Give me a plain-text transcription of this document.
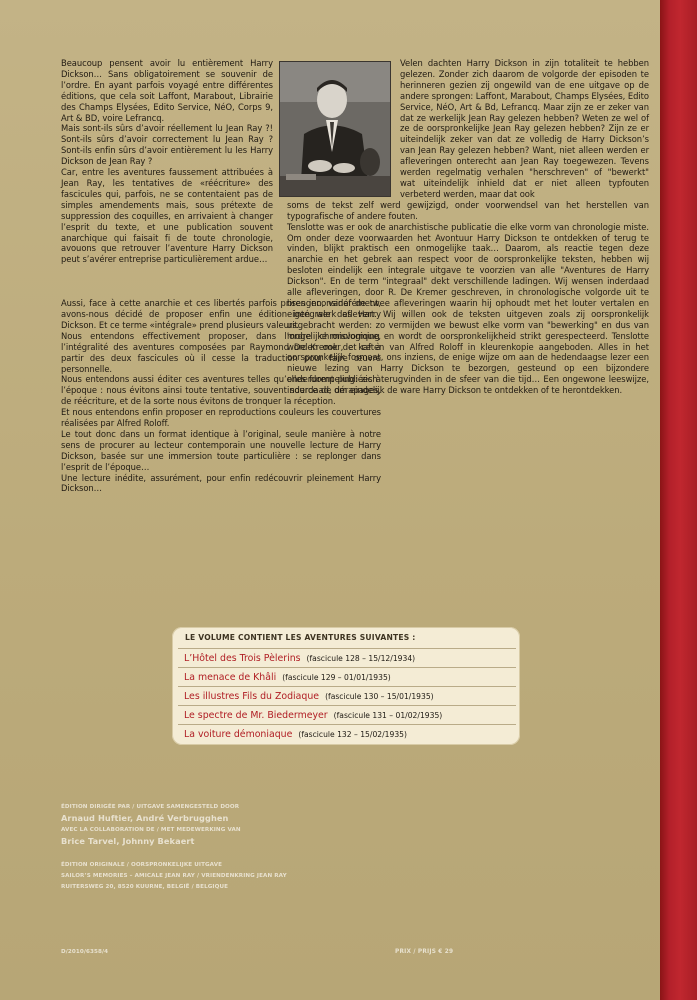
Beaucoup pensent avoir lu entièrement Harry Dickson… Sans obligatoirement se souvenir de l’ordre. En ayant parfois voyagé entre différentes éditions, que cela soit Laffont, Marabout, Librairie des Champs Elysées, Edito Service, NéO, Corps 9, Art & BD, voire Lefrancq.

Mais sont-ils sûrs d’avoir réellement lu Jean Ray ?! Sont-ils sûrs d’avoir correctement lu Jean Ray ? Sont-ils enfin sûrs d’avoir entièrement lu les Harry Dickson de Jean Ray ?

Car, entre les aventures faussement attribuées à Jean Ray, les tentatives de «réécriture» des fascicules qui, parfois, ne se contentaient pas de simples amendements mais, sous prétexte de suppression des coquilles, en arrivaient à changer l’esprit du texte, et une publication souvent anarchique qui faisait fi de toute chronologie, avouons que retrouver l’aventure Harry Dickson peut s’avérer entreprise particulièrement ardue…

Aussi, face à cette anarchie et ces libertés parfois prises inconsidérément, avons-nous décidé de proposer enfin une édition intégrale des Harry Dickson. Et ce terme «intégrale» prend plusieurs valeurs.

Nous entendons effectivement proposer, dans l’ordre chronologique, l’intégralité des aventures composées par Raymond De Kremer, et ce à partir des deux fascicules où il cesse la traduction pour faire œuvre personnelle.

Nous entendons aussi éditer ces aventures telles qu’elles furent publiées à l’époque : nous évitons ainsi toute tentative, souvent source de dérapages, de réécriture, et de la sorte nous évitons de tronquer la réception.

Et nous entendons enfin proposer en reproductions couleurs les couvertures réalisées par Alfred Roloff.

Le tout donc dans un format identique à l’original, seule manière à notre sens de procurer au lecteur contemporain une nouvelle lecture de Harry Dickson, basée sur une immersion toute particulière : se replonger dans l’esprit de l’époque…

Une lecture inédite, assurément, pour enfin redécouvrir pleinement Harry Dickson…

Velen dachten Harry Dickson in zijn totaliteit te hebben gelezen. Zonder zich daarom de volgorde der episoden te herinneren gezien zij ongewild van de ene uitgave op de andere sprongen: Laffont, Marabout, Champs Elysées, Edito Service, NéO, Art & Bd, Lefrancq. Maar zijn ze er zeker van dat ze werkelijk Jean Ray gelezen hebben? Weten ze wel of ze de oorspronkelijke Jean Ray gelezen hebben? Zijn ze er uiteindelijk zeker van dat ze volledig de Harry Dickson’s van Jean Ray gelezen hebben? Want, niet alleen werden er afleveringen onterecht aan Jean Ray toegewezen. Tevens werden regelmatig verhalen "herschreven" of "bewerkt" wat uiteindelijk inhield dat er niet alleen typfouten verbeterd werden, maar dat ook

soms de tekst zelf werd gewijzigd, onder voorwendsel van het herstellen van typografische of andere fouten.

Tenslotte was er ook de anarchistische publicatie die elke vorm van chronologie miste. Om onder deze voorwaarden het Avontuur Harry Dickson te ontdekken of terug te vinden, blijkt praktisch een onmogelijke taak… Daarom, als reactie tegen deze anarchie en het gebrek aan respect voor de oorspronkelijke teksten, hebben wij besloten eindelijk een integrale uitgave te voorzien van alle "Aventures de Harry Dickson". En de term "integraal" dekt verschillende ladingen. Wij wensen inderdaad alle afleveringen, door R. De Kremer geschreven, in chronologische volgorde uit te brengen, vanaf de twee afleveringen waarin hij ophoudt met het louter vertalen en eigen werk aflevert. Wij willen ook de teksten uitgeven zoals zij oorspronkelijk uitgebracht werden: zo vermijden we bewust elke vorm van "bewerking" en dus van mogelijke misvorming en wordt de oorspronkelijkheid strikt gerespecteerd. Tenslotte worden ook de kaften van Alfred Roloff in kleurenkopie aangeboden. Alles in het oorspronkelijk formaat, ons inziens, de enige wijze om aan de hedendaagse lezer een nieuwe lezing van Harry Dickson te bezorgen, gesteund op een bijzondere onderdompeling: zich terugvinden in de sfeer van die tijd… Een ongewone leeswijze, inderdaad, om eindelijk de ware Harry Dickson te ontdekken of te herontdekken.

LE VOLUME CONTIENT LES AVENTURES SUIVANTES :
L’Hôtel des Trois Pèlerins (fascicule 128 – 15/12/1934)
La menace de Khâli (fascicule 129 – 01/01/1935)
Les illustres Fils du Zodiaque (fascicule 130 – 15/01/1935)
Le spectre de Mr. Biedermeyer (fascicule 131 – 01/02/1935)
La voiture démoniaque (fascicule 132 – 15/02/1935)
ÉDITION DIRIGÉE PAR / UITGAVE SAMENGESTELD DOOR
Arnaud Huftier, André Verbrugghen
AVEC LA COLLABORATION DE / MET MEDEWERKING VAN
Brice Tarvel, Johnny Bekaert
ÉDITION ORIGINALE / OORSPRONKELIJKE UITGAVE
SAILOR’S MEMORIES – AMICALE JEAN RAY / VRIENDENKRING JEAN RAY
RUITERSWEG 20, 8520 KUURNE, BELGIË / BELGIQUE
D/2010/6358/4	PRIX / PRIJS € 29
